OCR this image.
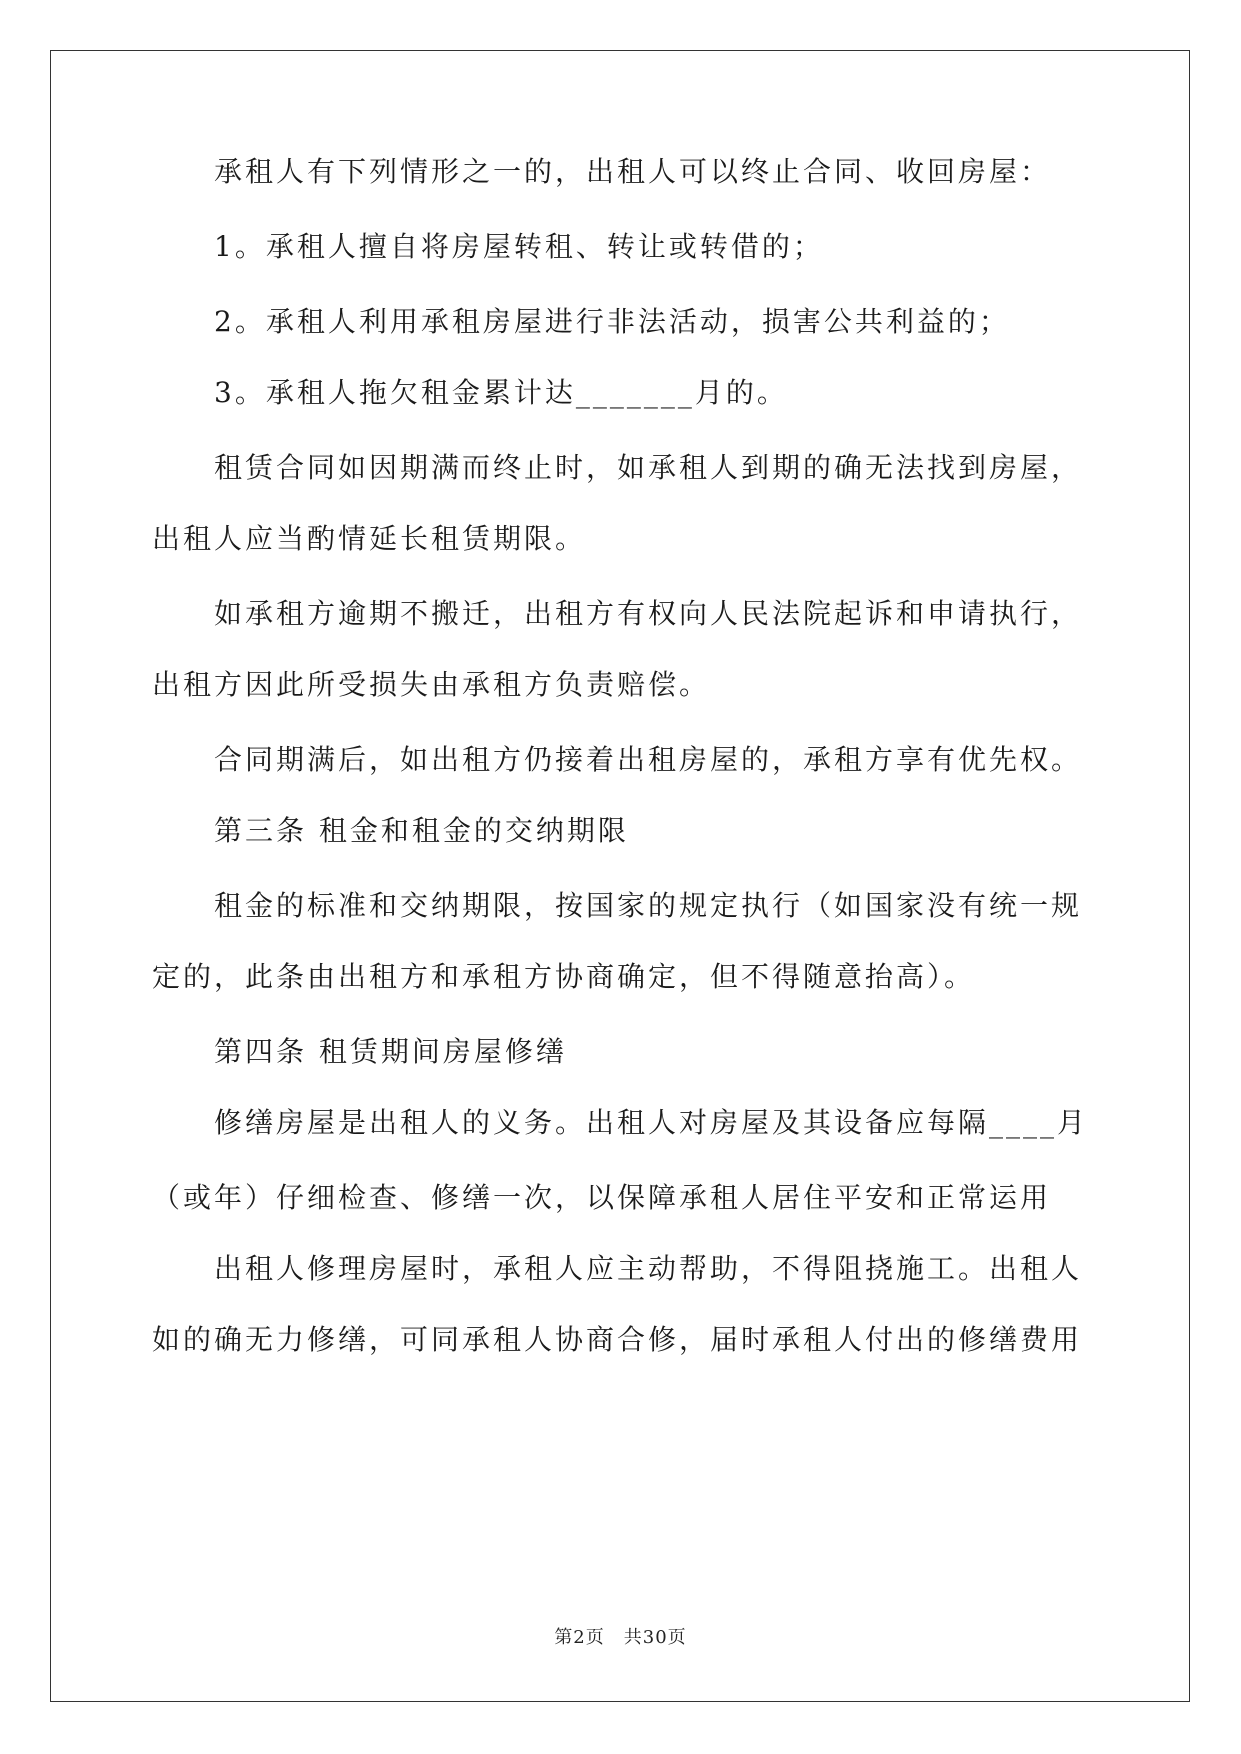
承租人有下列情形之一的，出租人可以终止合同、收回房屋：
1。承租人擅自将房屋转租、转让或转借的；
2。承租人利用承租房屋进行非法活动，损害公共利益的；
3。承租人拖欠租金累计达_______月的。
租赁合同如因期满而终止时，如承租人到期的确无法找到房屋，
出租人应当酌情延长租赁期限。
如承租方逾期不搬迁，出租方有权向人民法院起诉和申请执行，
出租方因此所受损失由承租方负责赔偿。
合同期满后，如出租方仍接着出租房屋的，承租方享有优先权。
第三条 租金和租金的交纳期限
租金的标准和交纳期限，按国家的规定执行（如国家没有统一规
定的，此条由出租方和承租方协商确定，但不得随意抬高）。
第四条 租赁期间房屋修缮
修缮房屋是出租人的义务。出租人对房屋及其设备应每隔____月
（或年）仔细检查、修缮一次，以保障承租人居住平安和正常运用
出租人修理房屋时，承租人应主动帮助，不得阻挠施工。出租人
如的确无力修缮，可同承租人协商合修，届时承租人付出的修缮费用
第2页　共30页
